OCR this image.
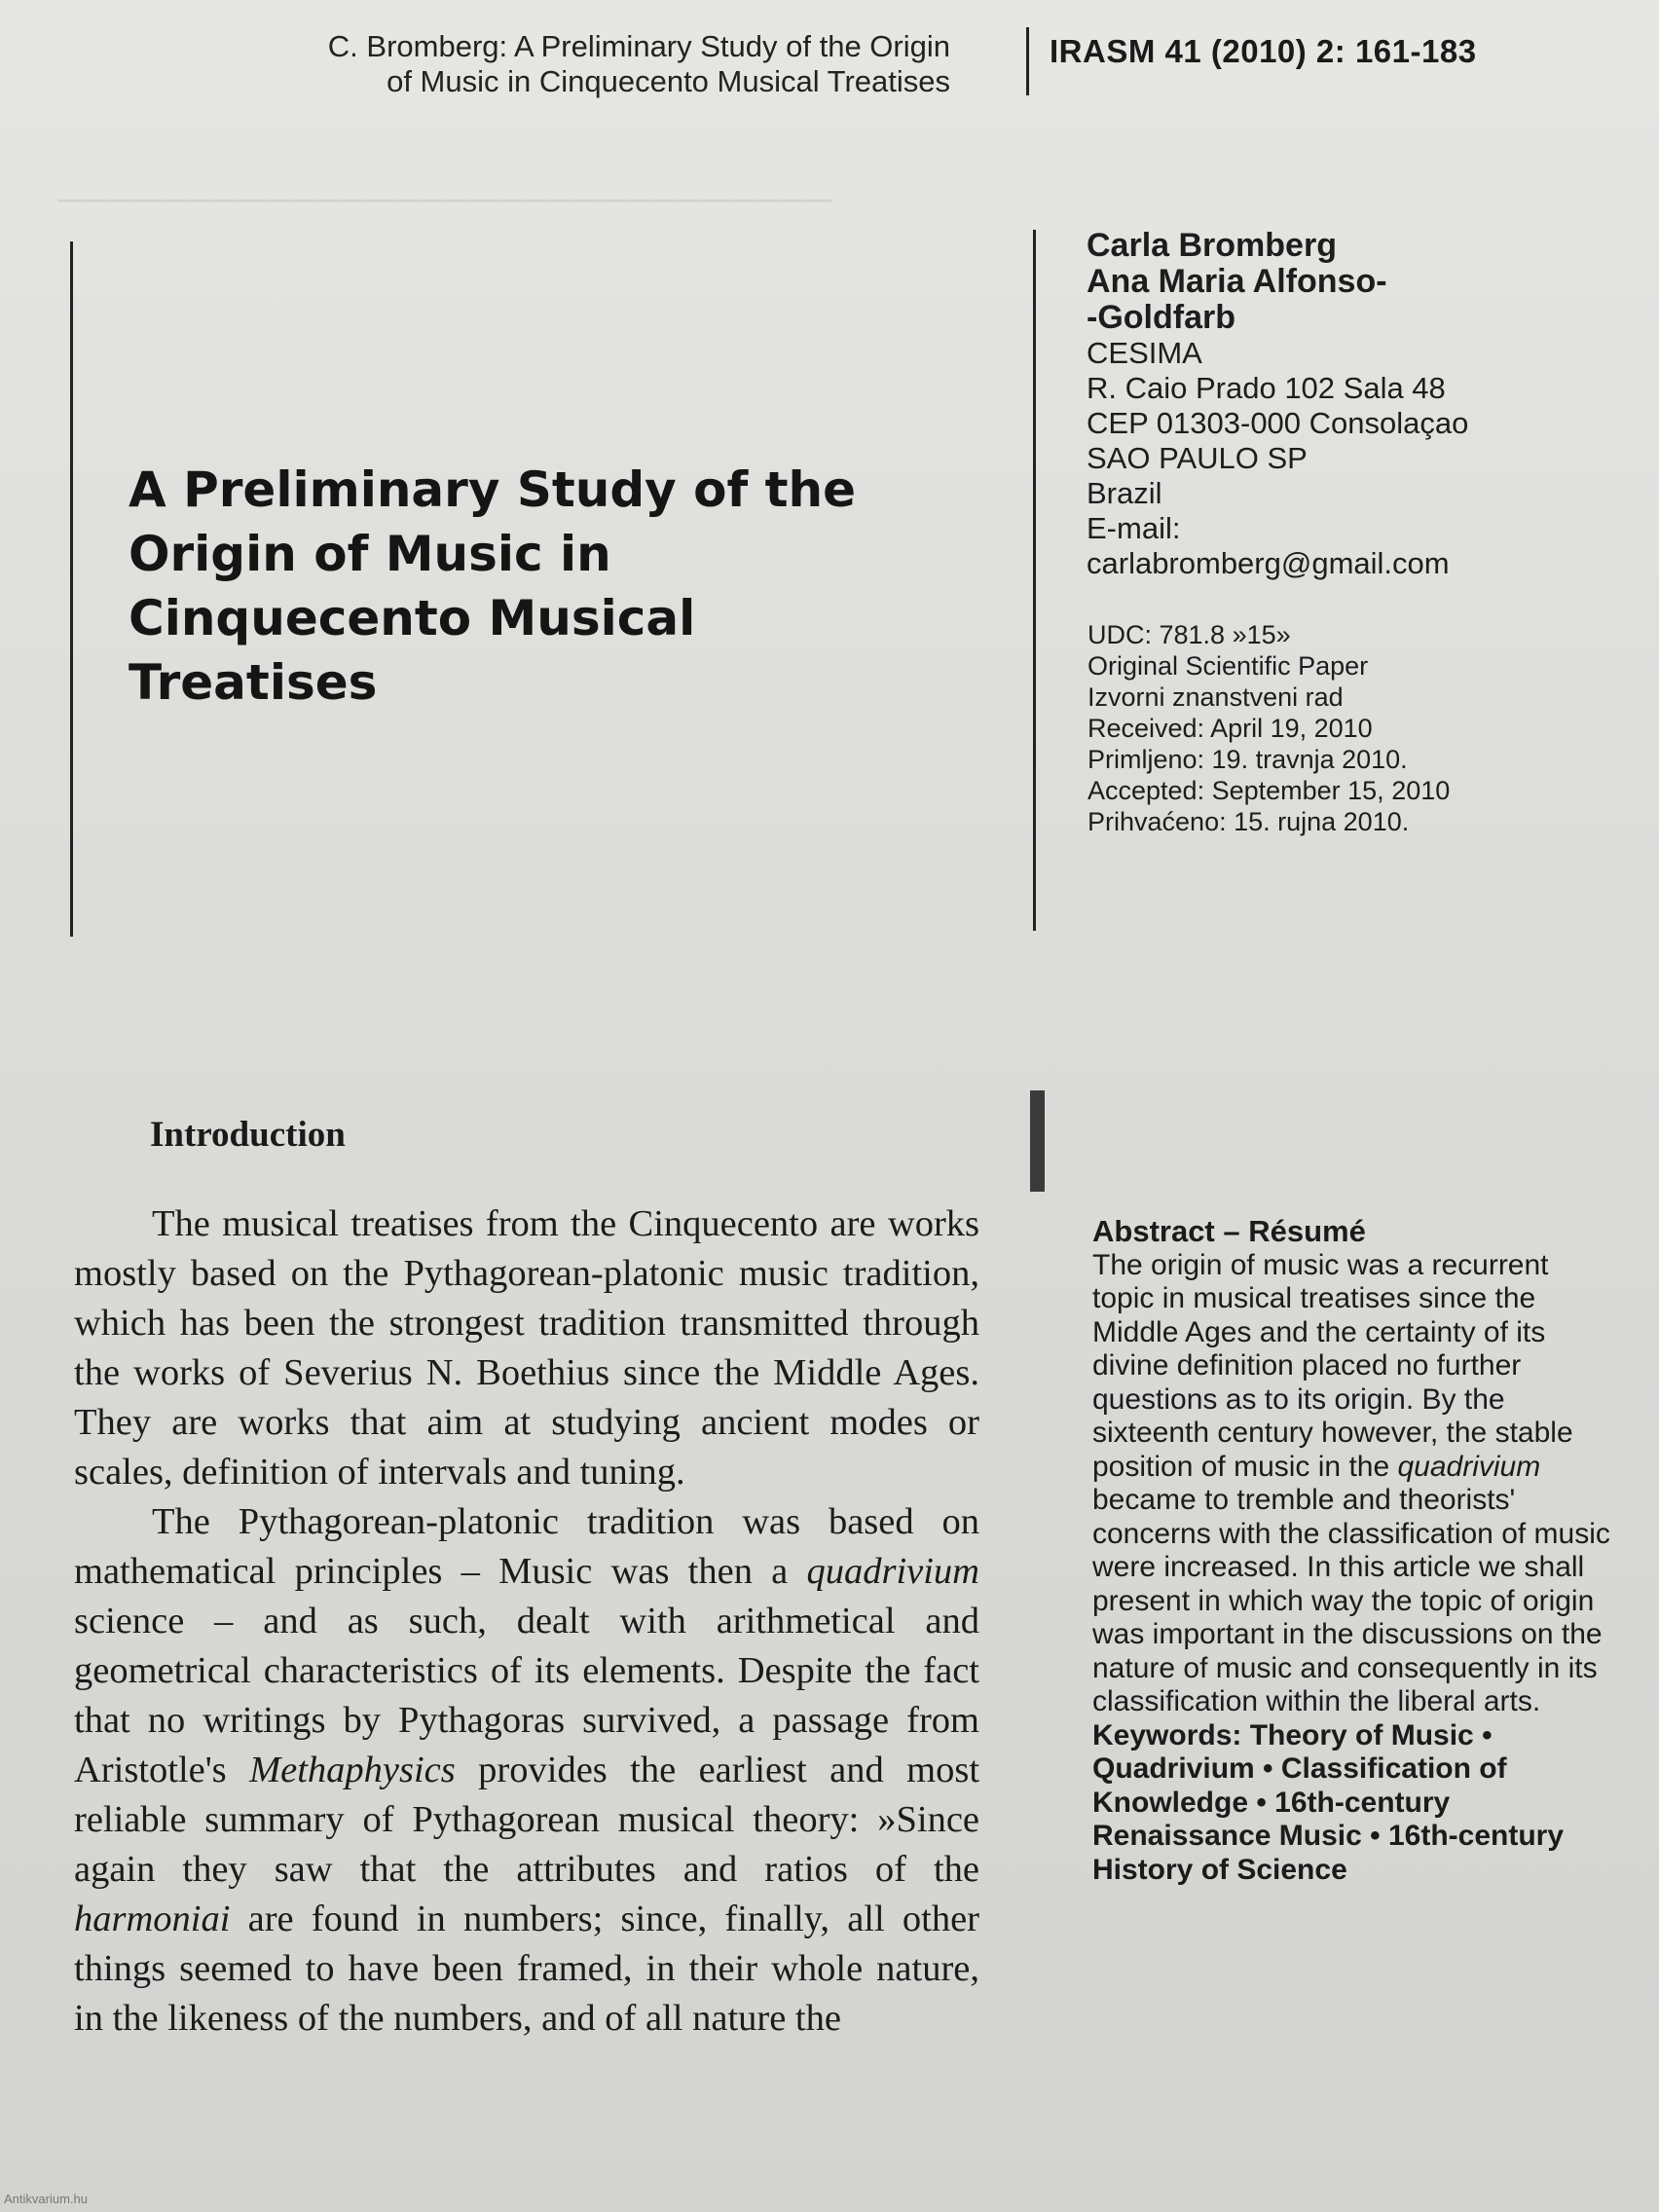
──────────────────────────────
C. Bromberg: A Preliminary Study of the Origin
of Music in Cinquecento Musical Treatises
IRASM 41 (2010) 2: 161-183
A Preliminary Study of the
Origin of Music in
Cinquecento Musical
Treatises
Carla Bromberg
Ana Maria Alfonso-
-Goldfarb
CESIMA
R. Caio Prado 102 Sala 48
CEP 01303-000 Consolaçao
SAO PAULO SP
Brazil
E-mail:
carlabromberg@gmail.com
UDC: 781.8 »15»
Original Scientific Paper
Izvorni znanstveni rad
Received: April 19, 2010
Primljeno: 19. travnja 2010.
Accepted: September 15, 2010
Prihvaćeno: 15. rujna 2010.
Introduction

The musical treatises from the Cinquecento are works mostly based on the Pythagorean-platonic music tradition, which has been the strongest tradition transmitted through the works of Severius N. Boethius since the Middle Ages. They are works that aim at studying ancient modes or scales, definition of intervals and tuning.

The Pythagorean-platonic tradition was based on mathematical principles – Music was then a quadrivium science – and as such, dealt with arithmetical and geometrical characteristics of its elements. Despite the fact that no writings by Pythagoras survived, a passage from Aristotle's Methaphysics provides the earliest and most reliable summary of Pythagorean musical theory: »Since again they saw that the attributes and ratios of the harmoniai are found in numbers; since, finally, all other things seemed to have been framed, in their whole nature, in the likeness of the numbers, and of all nature the

Abstract – Résumé
The origin of music was a recurrent topic in musical treatises since the Middle Ages and the certainty of its divine definition placed no further questions as to its origin. By the sixteenth century however, the stable position of music in the quadrivium became to tremble and theorists' concerns with the classification of music were increased. In this article we shall present in which way the topic of origin was important in the discussions on the nature of music and consequently in its classification within the liberal arts.
Keywords: Theory of Music • Quadrivium • Classification of Knowledge • 16th-century Renaissance Music • 16th-century History of Science
Antikvarium.hu
